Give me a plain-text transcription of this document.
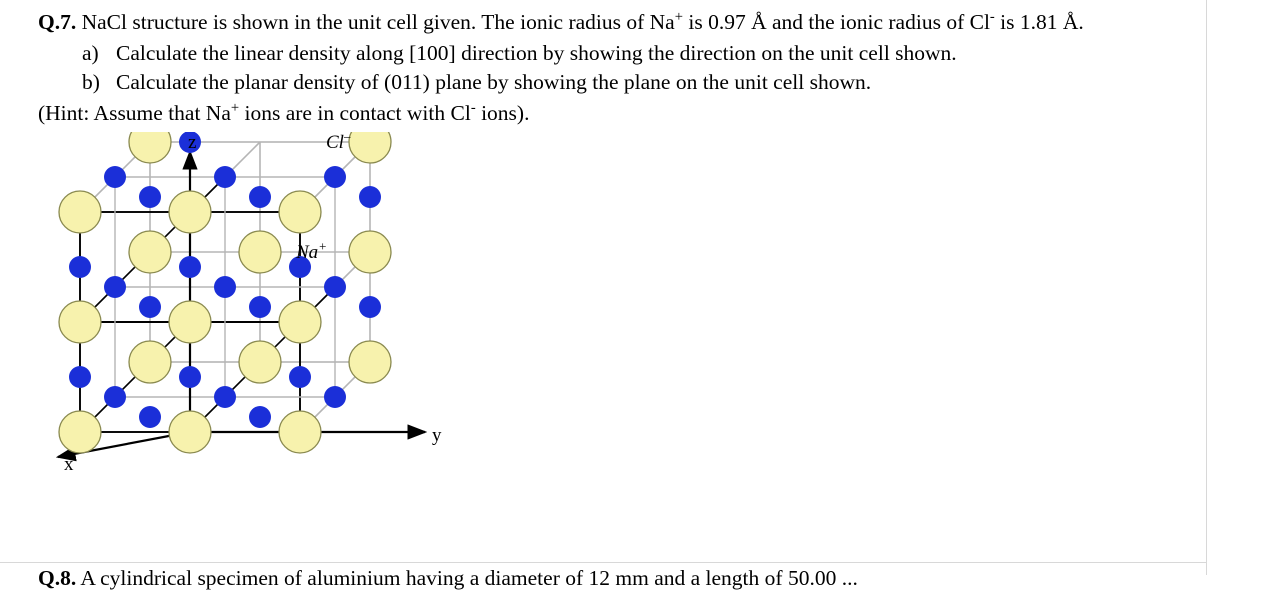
Q.7. NaCl structure is shown in the unit cell given. The ionic radius of Na+ is 0.97 Å and the ionic radius of Cl- is 1.81 Å.

a) Calculate the linear density along [100] direction by showing the direction on the unit cell shown.
b) Calculate the planar density of (011) plane by showing the plane on the unit cell shown.

(Hint: Assume that Na+ ions are in contact with Cl- ions).

Cl–
Na+
z
y
x
Q.8. A cylindrical specimen of aluminium having a diameter of 12 mm and a length of 50.00 ...
